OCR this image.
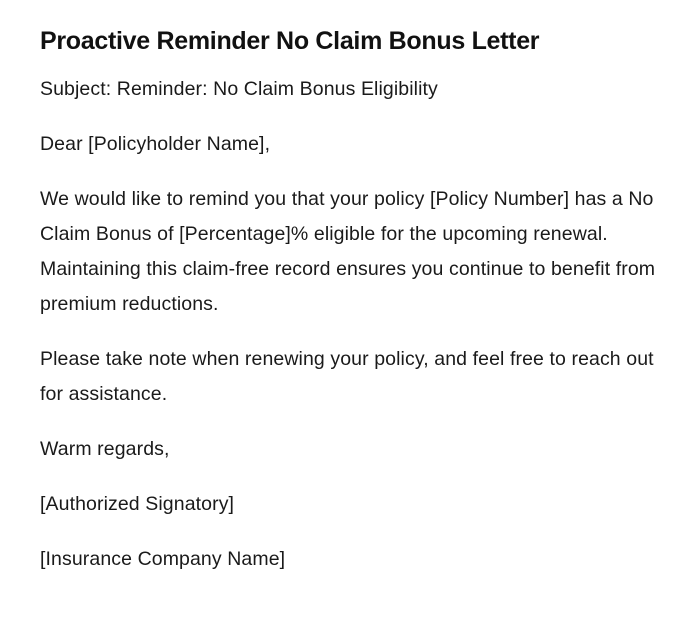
Proactive Reminder No Claim Bonus Letter

Subject: Reminder: No Claim Bonus Eligibility

Dear [Policyholder Name],

We would like to remind you that your policy [Policy Number] has a No Claim Bonus of [Percentage]% eligible for the upcoming renewal. Maintaining this claim-free record ensures you continue to benefit from premium reductions.

Please take note when renewing your policy, and feel free to reach out for assistance.

Warm regards,

[Authorized Signatory]

[Insurance Company Name]
